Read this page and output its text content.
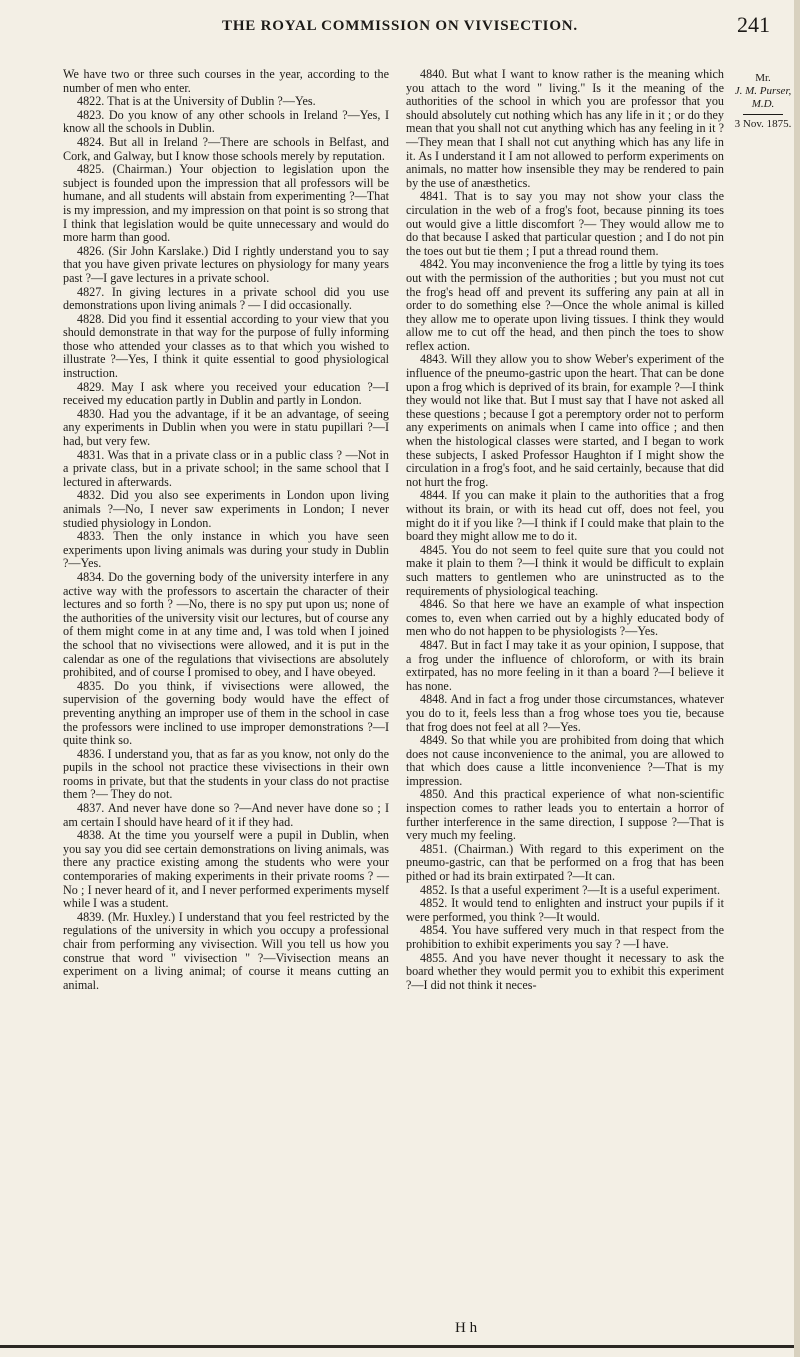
THE ROYAL COMMISSION ON VIVISECTION.	241
Mr.
J. M. Purser,
M.D.
3 Nov. 1875.

We have two or three such courses in the year, according to the number of men who enter.

4822. That is at the University of Dublin ?—Yes.

4823. Do you know of any other schools in Ireland ?—Yes, I know all the schools in Dublin.

4824. But all in Ireland ?—There are schools in Belfast, and Cork, and Galway, but I know those schools merely by reputation.

4825. (Chairman.) Your objection to legislation upon the subject is founded upon the impression that all professors will be humane, and all students will abstain from experimenting ?—That is my impression, and my impression on that point is so strong that I think that legislation would be quite unnecessary and would do more harm than good.

4826. (Sir John Karslake.) Did I rightly understand you to say that you have given private lectures on physiology for many years past ?—I gave lectures in a private school.

4827. In giving lectures in a private school did you use demonstrations upon living animals ? — I did occasionally.

4828. Did you find it essential according to your view that you should demonstrate in that way for the purpose of fully informing those who attended your classes as to that which you wished to illustrate ?—Yes, I think it quite essential to good physiological instruction.

4829. May I ask where you received your education ?—I received my education partly in Dublin and partly in London.

4830. Had you the advantage, if it be an advantage, of seeing any experiments in Dublin when you were in statu pupillari ?—I had, but very few.

4831. Was that in a private class or in a public class ? —Not in a private class, but in a private school; in the same school that I lectured in afterwards.

4832. Did you also see experiments in London upon living animals ?—No, I never saw experiments in London; I never studied physiology in London.

4833. Then the only instance in which you have seen experiments upon living animals was during your study in Dublin ?—Yes.

4834. Do the governing body of the university interfere in any active way with the professors to ascertain the character of their lectures and so forth ? —No, there is no spy put upon us; none of the authorities of the university visit our lectures, but of course any of them might come in at any time and, I was told when I joined the school that no vivisections were allowed, and it is put in the calendar as one of the regulations that vivisections are absolutely prohibited, and of course I promised to obey, and I have obeyed.

4835. Do you think, if vivisections were allowed, the supervision of the governing body would have the effect of preventing anything an improper use of them in the school in case the professors were inclined to use improper demonstrations ?—I quite think so.

4836. I understand you, that as far as you know, not only do the pupils in the school not practice these vivisections in their own rooms in private, but that the students in your class do not practise them ?— They do not.

4837. And never have done so ?—And never have done so ; I am certain I should have heard of it if they had.

4838. At the time you yourself were a pupil in Dublin, when you say you did see certain demonstrations on living animals, was there any practice existing among the students who were your contemporaries of making experiments in their private rooms ? —No ; I never heard of it, and I never performed experiments myself while I was a student.

4839. (Mr. Huxley.) I understand that you feel restricted by the regulations of the university in which you occupy a professional chair from performing any vivisection. Will you tell us how you construe that word " vivisection " ?—Vivisection means an experiment on a living animal; of course it means cutting an animal.

4840. But what I want to know rather is the meaning which you attach to the word " living." Is it the meaning of the authorities of the school in which you are professor that you should absolutely cut nothing which has any life in it ; or do they mean that you shall not cut anything which has any feeling in it ?—They mean that I shall not cut anything which has any life in it. As I understand it I am not allowed to perform experiments on animals, no matter how insensible they may be rendered to pain by the use of anæsthetics.

4841. That is to say you may not show your class the circulation in the web of a frog's foot, because pinning its toes out would give a little discomfort ?— They would allow me to do that because I asked that particular question ; and I do not pin the toes out but tie them ; I put a thread round them.

4842. You may inconvenience the frog a little by tying its toes out with the permission of the authorities ; but you must not cut the frog's head off and prevent its suffering any pain at all in order to do something else ?—Once the whole animal is killed they allow me to operate upon living tissues. I think they would allow me to cut off the head, and then pinch the toes to show reflex action.

4843. Will they allow you to show Weber's experiment of the influence of the pneumo-gastric upon the heart. That can be done upon a frog which is deprived of its brain, for example ?—I think they would not like that. But I must say that I have not asked all these questions ; because I got a peremptory order not to perform any experiments on animals when I came into office ; and then when the histological classes were started, and I began to work these subjects, I asked Professor Haughton if I might show the circulation in a frog's foot, and he said certainly, because that did not hurt the frog.

4844. If you can make it plain to the authorities that a frog without its brain, or with its head cut off, does not feel, you might do it if you like ?—I think if I could make that plain to the board they might allow me to do it.

4845. You do not seem to feel quite sure that you could not make it plain to them ?—I think it would be difficult to explain such matters to gentlemen who are uninstructed as to the requirements of physiological teaching.

4846. So that here we have an example of what inspection comes to, even when carried out by a highly educated body of men who do not happen to be physiologists ?—Yes.

4847. But in fact I may take it as your opinion, I suppose, that a frog under the influence of chloroform, or with its brain extirpated, has no more feeling in it than a board ?—I believe it has none.

4848. And in fact a frog under those circumstances, whatever you do to it, feels less than a frog whose toes you tie, because that frog does not feel at all ?—Yes.

4849. So that while you are prohibited from doing that which does not cause inconvenience to the animal, you are allowed to that which does cause a little inconvenience ?—That is my impression.

4850. And this practical experience of what non-scientific inspection comes to rather leads you to entertain a horror of further interference in the same direction, I suppose ?—That is very much my feeling.

4851. (Chairman.) With regard to this experiment on the pneumo-gastric, can that be performed on a frog that has been pithed or had its brain extirpated ?—It can.

4852. Is that a useful experiment ?—It is a useful experiment.

4852. It would tend to enlighten and instruct your pupils if it were performed, you think ?—It would.

4854. You have suffered very much in that respect from the prohibition to exhibit experiments you say ? —I have.

4855. And you have never thought it necessary to ask the board whether they would permit you to exhibit this experiment ?—I did not think it neces-

H h
